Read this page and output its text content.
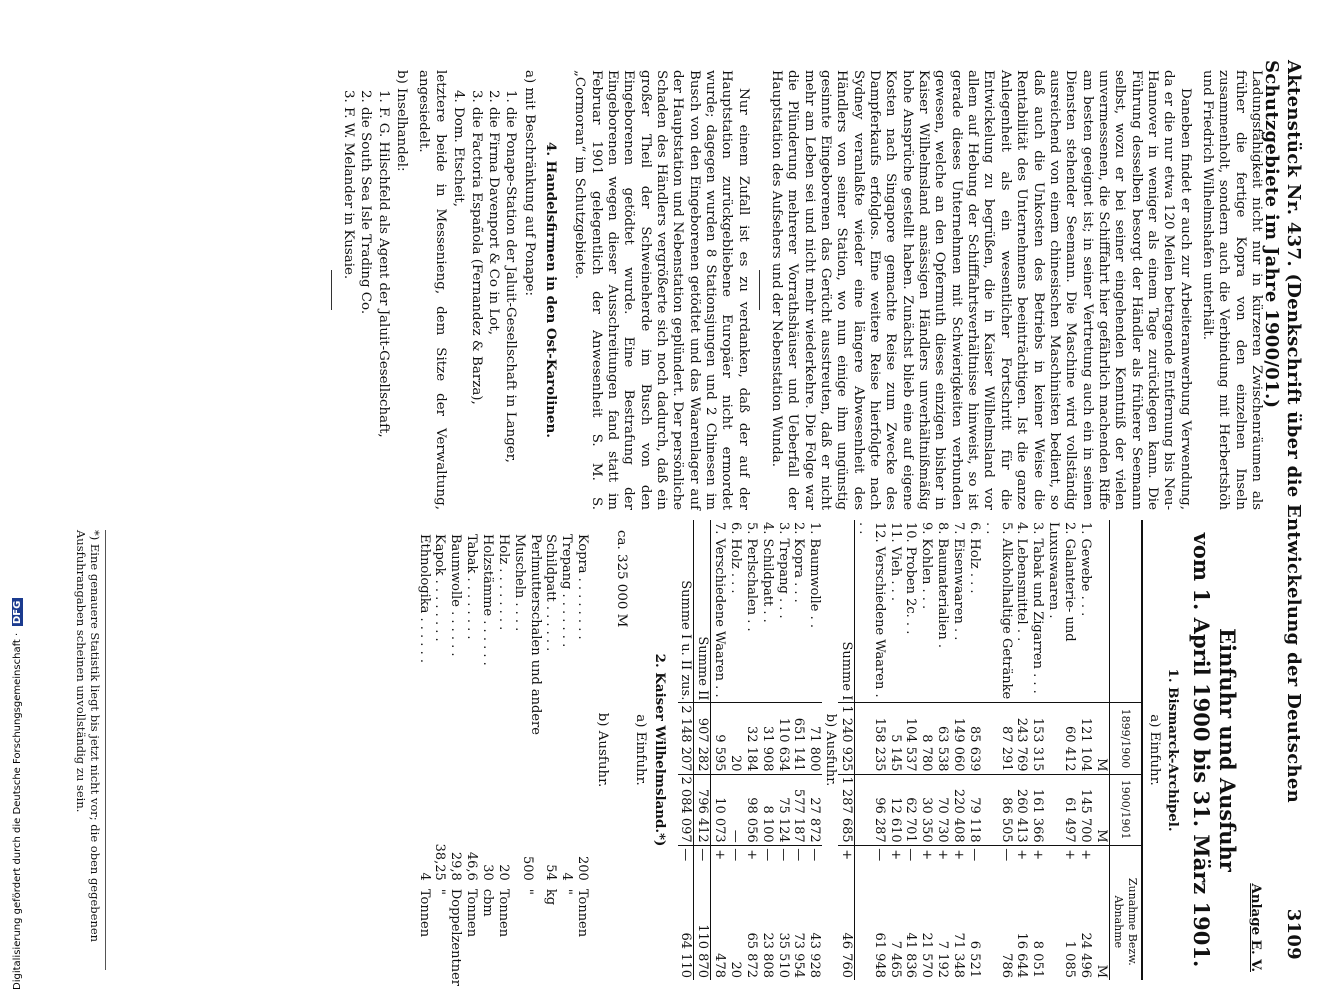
Aktenstück Nr. 437. (Denkschrift über die Entwickelung der Deutschen Schutzgebiete im Jahre 1900/01.)
3109

Ladungsfähigkeit nicht nur in kürzeren Zwischenräumen als früher die fertige Kopra von den einzelnen Inseln zusammenholt, sondern auch die Verbindung mit Herbertshöh und Friedrich Wilhelmshafen unterhält.

Daneben findet er auch zur Arbeiteranwerbung Verwendung, da er die nur etwa 120 Meilen betragende Entfernung bis Neu-Hannover in weniger als einem Tage zurücklegen kann. Die Führung desselben besorgt der Händler als früherer Seemann selbst, wozu er bei seiner eingehenden Kenntniß der vielen unvermessenen, die Schifffahrt hier gefährlich machenden Riffe am besten geeignet ist; in seiner Vertretung auch ein in seinen Diensten stehender Seemann. Die Maschine wird vollständig ausreichend von einem chinesischen Maschinisten bedient, so daß auch die Unkosten des Betriebs in keiner Weise die Rentabilität des Unternehmens beeinträchtigen. Ist die ganze Anlegenheit als ein wesentlicher Fortschritt für die Entwickelung zu begrüßen, die in Kaiser Wilhelmsland vor allem auf Hebung der Schifffahrtsverhältnisse hinweist, so ist gerade dieses Unternehmen mit Schwierigkeiten verbunden gewesen, welche an den Opfermuth dieses einzigen bisher in Kaiser Wilhelmsland ansässigen Händlers unverhältnißmäßig hohe Ansprüche gestellt haben. Zunächst blieb eine auf eigene Kosten nach Singapore gemachte Reise zum Zwecke des Dampferkaufs erfolglos. Eine weitere Reise hierfolgte nach Sydney veranlaßte wieder eine längere Abwesenheit des Händlers von seiner Station, wo nun einige ihm ungünstig gesinnte Eingeborenen das Gerücht ausstreuten, daß er nicht mehr am Leben sei und nicht mehr wiederkehre. Die Folge war die Plünderung mehrerer Vorrathshäuser und Ueberfall der Hauptstation des Aufsehers und der Nebenstation Wunda.

Nur einem Zufall ist es zu verdanken, daß der auf der Hauptstation zurückgebliebene Europäer nicht ermordet wurde; dagegen wurden 8 Stationsjungen und 2 Chinesen im Busch von den Eingeborenen getödtet und das Waarenlager auf der Hauptstation und Nebenstation geplündert. Der persönliche Schaden des Händlers vergrößerte sich noch dadurch, daß ein großer Theil der Schweineherde im Busch von den Eingeborenen getödtet wurde. Eine Bestrafung der Eingeborenen wegen dieser Ausschreitungen fand statt im Februar 1901 gelegentlich der Anwesenheit S. M. S. „Cormoran“ im Schutzgebiete.

4. Handelsfirmen in den Ost-Karolinen.
a) mit Beschränkung auf Ponape:
1. die Ponape-Station der Jaluit-Gesellschaft in Langer,
2. die Firma Davenport & Co in Lot,
3. die Factoria Española (Fernandez & Barza),
4. Dom. Etscheit,

letztere beide in Messenieng, dem Sitze der Verwaltung, angesiedelt.

b) Inselhandel:
1. F. G. Hilschfeld als Agent der Jaluit-Gesellschaft,
2. die South Sea Isle Trading Co.
3. F. W. Melander in Kusaie.
Anlage E. V.
Einfuhr und Ausfuhr
vom 1. April 1900 bis 31. März 1901.
1. Bismarck-Archipel.
a) Einfuhr.
	1899/1900	1900/1901		Zunahme Bezw. Abnahme
	M	M		M
1. Gewebe . . .	121 104	145 700	+	24 496
2. Galanterie- und Luxuswaaren .	60 412	61 497	+	1 085
3. Tabak und Zigarren . . .	153 315	161 366	+	8 051
4. Lebensmittel . .	243 769	260 413	+	16 644
5. Alkoholhaltige Getränke . .	87 291	86 505	—	786
6. Holz . . .	85 639	79 118	—	6 521
7. Eisenwaaren . .	149 060	220 408	+	71 348
8. Baumaterialien .	63 538	70 730	+	7 192
9. Kohlen . . .	8 780	30 350	+	21 570
10. Proben 2c. . .	104 537	62 701	—	41 836
11. Vieh . . .	5 145	12 610	+	7 465
12. Verschiedene Waaren . . .	158 235	96 287	—	61 948
Summe I	1 240 925	1 287 685	+	46 760
b) Ausfuhr.				
1. Baumwolle . .	71 800	27 872	—	43 928
2. Kopra . . .	651 141	577 187	—	73 954
3. Trepang . . .	110 634	75 124	—	35 510
4. Schildpatt . .	31 908	8 100	—	23 808
5. Perlschalen . .	32 184	98 056	+	65 872
6. Holz . . .	20	—	—	20
7. Verschiedene Waaren . .	9 595	10 073	+	478
Summe II	907 282	796 412	—	110 870
Summe I u. II zus.	2 148 207	2 084 097	—	64 110
2. Kaiser Wilhelmsland.*)
a) Einfuhr.
ca. 325 000 M
b) Ausfuhr.
Kopra . . . . . . . .	200	Tonnen
Trepang . . . . . . .	4	"
Schildpatt . . . . . .	54	kg
Perlmutterschalen und andere Muscheln . . . .	500	"
Holz . . . . . . . .	20	Tonnen
Holzstämme . . . . . .	30	cbm
Tabak . . . . . . . .	46,6	Tonnen
Baumwolle . . . . . .	29,8	Doppelzentner
Kapok . . . . . . . .	38,25	"
Ethnologika . . . . . .	4	Tonnen
*) Eine genauere Statistik liegt bis jetzt nicht vor; die oben gegebenen Ausfuhrangaben scheinen unvollständig zu sein.
Digitalisierung gefördert durch die Deutsche Forschungsgemeinschaft · DFG
